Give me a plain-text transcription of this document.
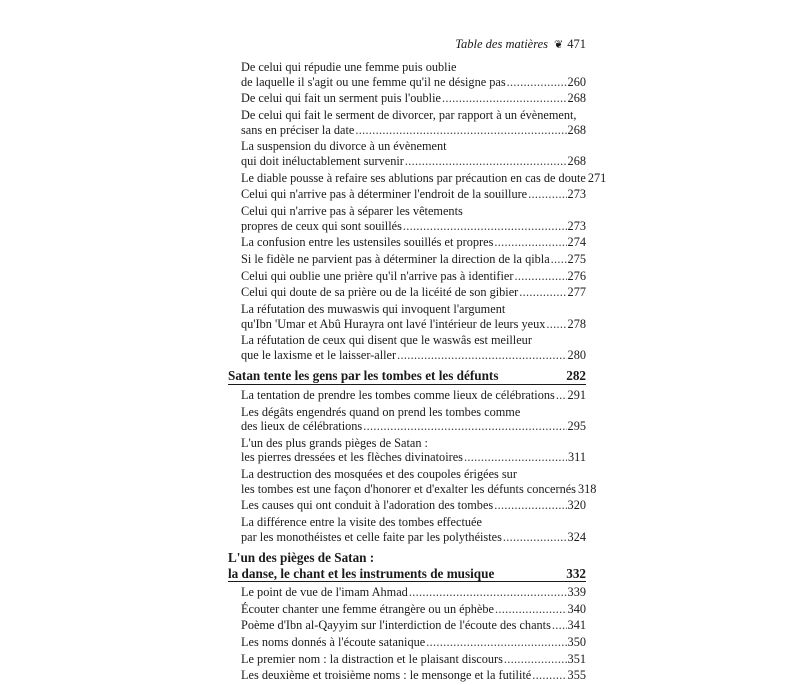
Table des matières ❦ 471
De celui qui répudie une femme puis oublie
de laquelle il s'agit ou une femme qu'il ne désigne pas .....	260
De celui qui fait un serment puis l'oublie .....	268
De celui qui fait le serment de divorcer, par rapport à un évènement,
sans en préciser la date .....	268
La suspension du divorce à un évènement
qui doit inéluctablement survenir .....	268
Le diable pousse à refaire ses ablutions par précaution en cas de doute 271
Celui qui n'arrive pas à déterminer l'endroit de la souillure .....	273
Celui qui n'arrive pas à séparer les vêtements
propres de ceux qui sont souillés .....	273
La confusion entre les ustensiles souillés et propres .....	274
Si le fidèle ne parvient pas à déterminer la direction de la qibla ..... 275
Celui qui oublie une prière qu'il n'arrive pas à identifier .....	276
Celui qui doute de sa prière ou de la licéité de son gibier .....	277
La réfutation des muwaswis qui invoquent l'argument
qu'Ibn 'Umar et Abû Hurayra ont lavé l'intérieur de leurs yeux ..... 278
La réfutation de ceux qui disent que le waswâs est meilleur
que le laxisme et le laisser-aller .....	280
Satan tente les gens par les tombes et les défunts	282
La tentation de prendre les tombes comme lieux de célébrations ..... 291
Les dégâts engendrés quand on prend les tombes comme
des lieux de célébrations .....	295
L'un des plus grands pièges de Satan :
les pierres dressées et les flèches divinatoires .....	311
La destruction des mosquées et des coupoles érigées sur
les tombes est une façon d'honorer et d'exalter les défunts concernés 318
Les causes qui ont conduit à l'adoration des tombes .....	320
La différence entre la visite des tombes effectuée
par les monothéistes et celle faite par les polythéistes .....	324
L'un des pièges de Satan :
la danse, le chant et les instruments de musique	332
Le point de vue de l'imam Ahmad .....	339
Écouter chanter une femme étrangère ou un éphèbe .....	340
Poème d'Ibn al-Qayyim sur l'interdiction de l'écoute des chants ..... 341
Les noms donnés à l'écoute satanique .....	350
Le premier nom : la distraction et le plaisant discours .....	351
Les deuxième et troisième noms : le mensonge et la futilité .....	355
